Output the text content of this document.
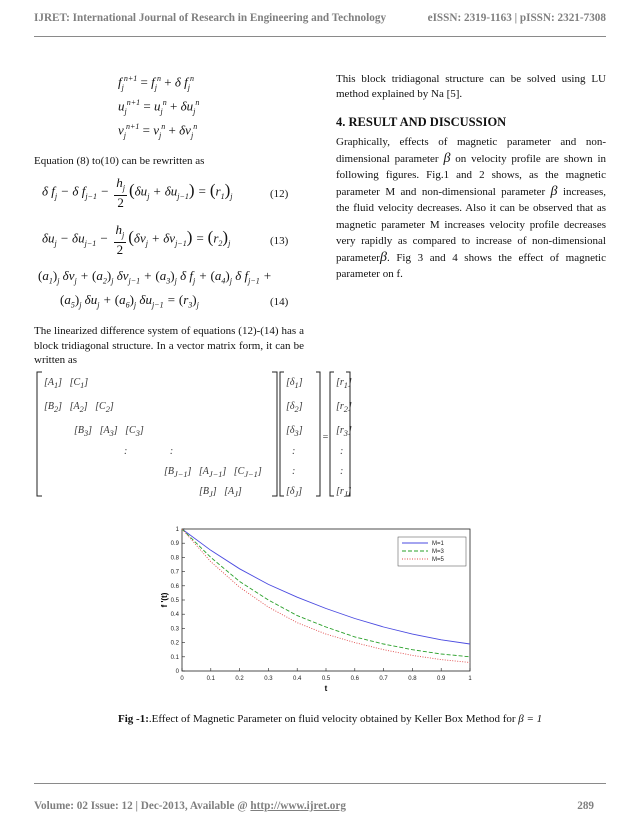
IJRET: International Journal of Research in Engineering and Technology	eISSN: 2319-1163 | pISSN: 2321-7308
$f_j^{n+1} = f_j^n + \delta$ $f_j^n$
$u_j^{n+1} = u_j^n + \delta u_j^n$
$v_j^{n+1} = v_j^n + \delta v_j^n$
Equation (8) to(10) can be rewritten as
δ $f_j - \delta$ $f_{j-1} - \frac{h_j}{2} (\delta u_j + \delta u_{j-1}) = (r_1)_j$	(12)
$\delta u_j - \delta u_{j-1} - \frac{h_j}{2} (\delta v_j + \delta v_{j-1}) = (r_2)_j$	(13)
$(a_1)_j$ $\delta v_j + (a_2)_j$ $\delta v_{j-1} + (a_3)_j$ δ $f_j + (a_4)_j$ δ $f_{j-1}$ +
$(a_5)_j$ $\delta u_j + (a_6)_j$ $\delta u_{j-1} = (r_3)_j$	(14)
The linearized difference system of equations (12)-(14) has a block tridiagonal structure. In a vector matrix form, it can be written as
$[A_1]$   $[C_1]$
$[B_2]$   $[A_2]$   $[C_2]$
$[B_3]$   $[A_3]$   $[C_3]$
:                 :
$[B_{J-1}]$   $[A_{J-1}]$   $[C_{J-1}]$
$[B_J]$   $[A_J]$
$[\delta_1]$
$[\delta_2]$
$[\delta_3]$
:
:
$[\delta_J]$
=
$[r_1]$
$[r_2]$
$[r_3]$
:
:
$[r_J]$
This block tridiagonal structure can be solved using LU method explained by Na [5].
4. RESULT AND DISCUSSION
Graphically, effects of magnetic parameter and non-dimensional parameter β on velocity profile are shown in following figures. Fig.1 and 2 shows, as the magnetic parameter M and non-dimensional parameter β increases, the fluid velocity decreases. Also it can be observed that as magnetic parameter M increases velocity profile decreases very rapidly as compared to increase of non-dimensional parameterβ. Fig 3 and 4 shows the effect of magnetic parameter on f.
0	0.1	0.2	0.3	0.4	0.5	0.6	0.7	0.8	0.9	1
0
0.1
0.2
0.3
0.4
0.5
0.6
0.7
0.8
0.9
1
M=1
M=3
M=5
t
f '(t)
Fig -1:.Effect of Magnetic Parameter on fluid velocity obtained by Keller Box Method for β = 1
Volume: 02 Issue: 12 | Dec-2013, Available @ http://www.ijret.org	289
